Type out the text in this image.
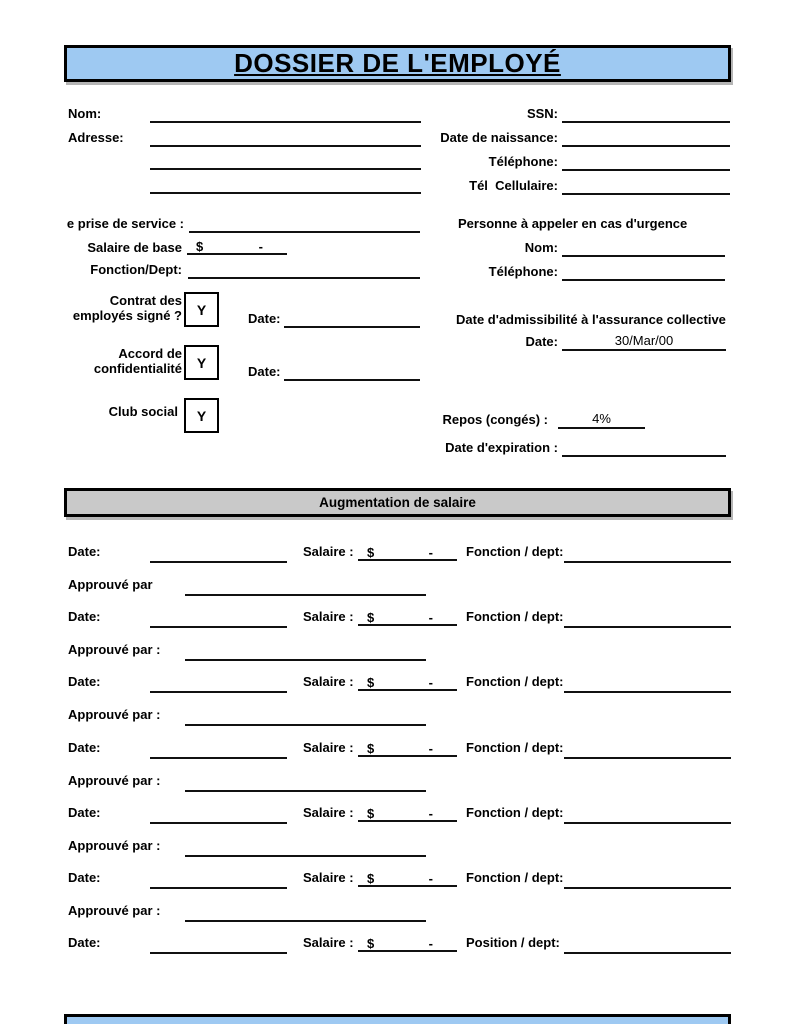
DOSSIER DE L'EMPLOYÉ
Nom:
Adresse:
SSN:
Date de naissance:
Téléphone:
Tél  Cellulaire:
e prise de service :
Salaire de base $	-
Fonction/Dept:
Personne à appeler en cas d'urgence
Nom:
Téléphone:
Contrat des
employés signé ? Y
Date:
Accord de
confidentialité Y
Date:
Club social Y
Date d'admissibilité à l'assurance collective
Date:	30/Mar/00
Repos (congés) :	4%
Date d'expiration :
Augmentation de salaire
Date:	Salaire : $	-	Fonction / dept:
Approuvé par
Date:	Salaire : $	-	Fonction / dept:
Approuvé par :
Date:	Salaire : $	-	Fonction / dept:
Approuvé par :
Date:	Salaire : $	-	Fonction / dept:
Approuvé par :
Date:	Salaire : $	-	Fonction / dept:
Approuvé par :
Date:	Salaire : $	-	Fonction / dept:
Approuvé par :
Date:	Salaire : $	-	Position / dept:
